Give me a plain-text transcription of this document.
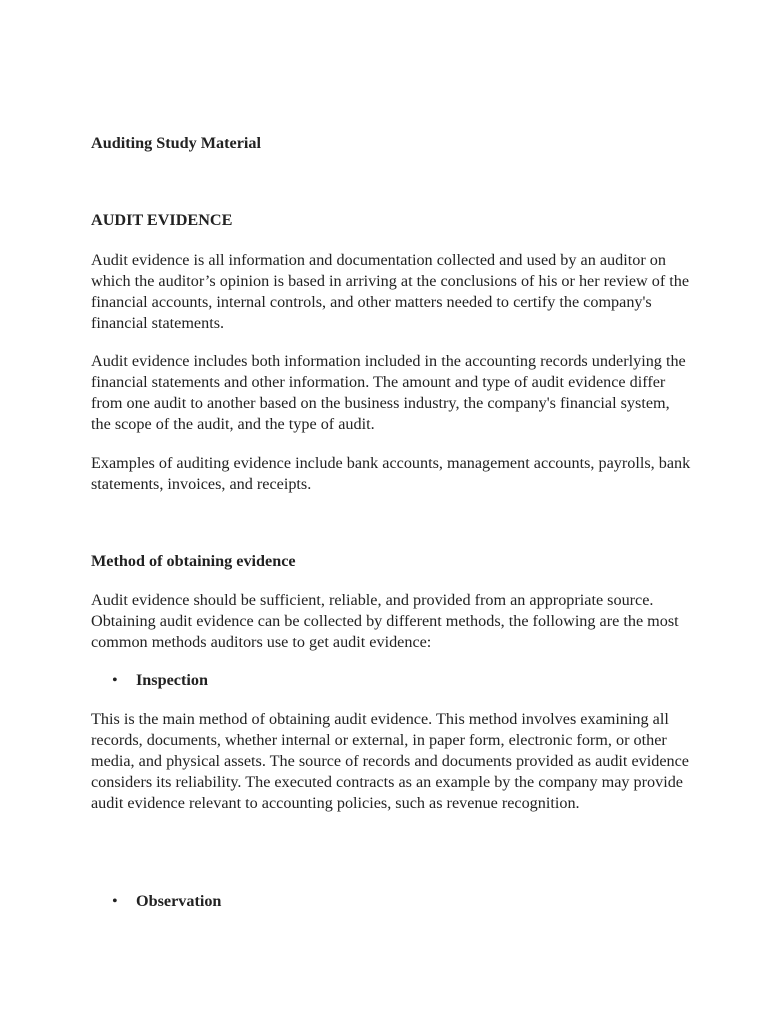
Auditing Study Material

AUDIT EVIDENCE

Audit evidence is all information and documentation collected and used by an auditor on which the auditor’s opinion is based in arriving at the conclusions of his or her review of the financial accounts, internal controls, and other matters needed to certify the company's financial statements.

Audit evidence includes both information included in the accounting records underlying the financial statements and other information. The amount and type of audit evidence differ from one audit to another based on the business industry, the company's financial system, the scope of the audit, and the type of audit.

Examples of auditing evidence include bank accounts, management accounts, payrolls, bank statements, invoices, and receipts.

Method of obtaining evidence

Audit evidence should be sufficient, reliable, and provided from an appropriate source. Obtaining audit evidence can be collected by different methods, the following are the most common methods auditors use to get audit evidence:

•	Inspection

This is the main method of obtaining audit evidence. This method involves examining all records, documents, whether internal or external, in paper form, electronic form, or other media, and physical assets. The source of records and documents provided as audit evidence considers its reliability. The executed contracts as an example by the company may provide audit evidence relevant to accounting policies, such as revenue recognition.

•	Observation
